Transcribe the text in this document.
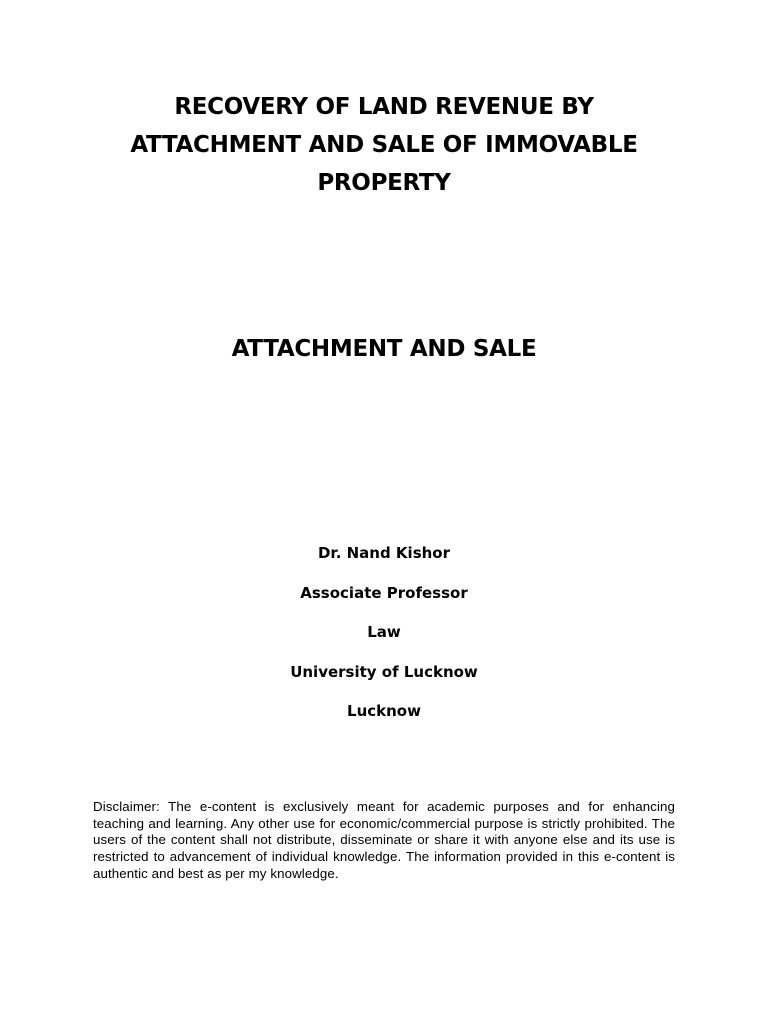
RECOVERY OF LAND REVENUE BY
ATTACHMENT AND SALE OF IMMOVABLE
PROPERTY
ATTACHMENT AND SALE
Dr. Nand Kishor
Associate Professor
Law
University of Lucknow
Lucknow

Disclaimer: The e-content is exclusively meant for academic purposes and for enhancing teaching and learning. Any other use for economic/commercial purpose is strictly prohibited. The users of the content shall not distribute, disseminate or share it with anyone else and its use is restricted to advancement of individual knowledge. The information provided in this e-content is authentic and best as per my knowledge.
